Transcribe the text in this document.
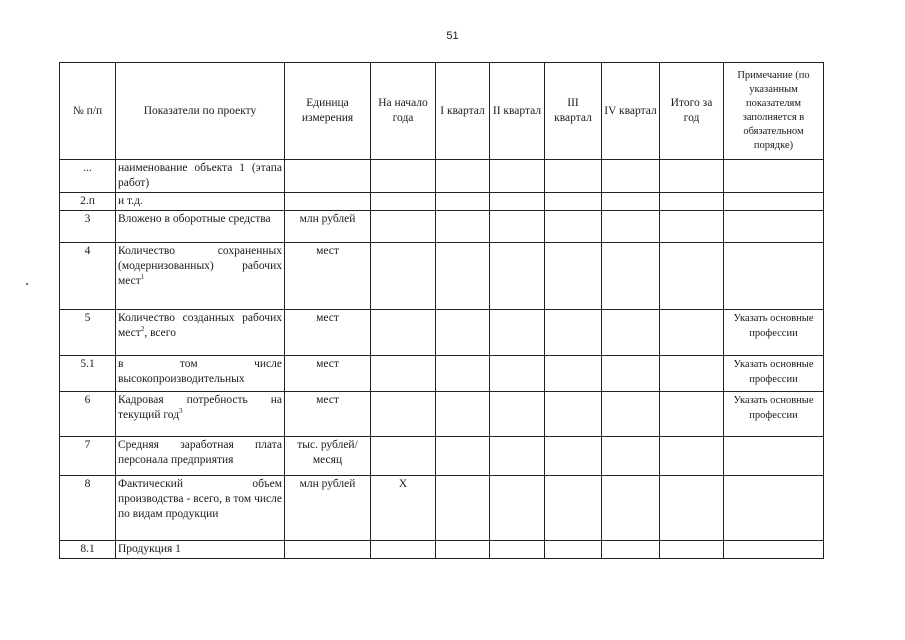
51
№ п/п	Показатели по проекту	Единица измерения	На начало года	I квартал	II квартал	III квартал	IV квартал	Итого за год	Примечание (по указанным показателям заполняется в обязательном порядке)
...	наименование объекта 1 (этапа работ)								
2.п	и т.д.								
3	Вложено в оборотные средства	млн рублей							
4	Количество сохраненных (модернизованных) рабочих мест$^1$	мест							
5	Количество созданных рабочих мест$^2$, всего	мест							Указать основные профессии
5.1	в том числе высокопроизводительных	мест							Указать основные профессии
6	Кадровая потребность на текущий год$^3$	мест							Указать основные профессии
7	Средняя заработная плата персонала предприятия	тыс. рублей/месяц							
8	Фактический объем производства - всего, в том числе по видам продукции	млн рублей	X						
8.1	Продукция 1								
